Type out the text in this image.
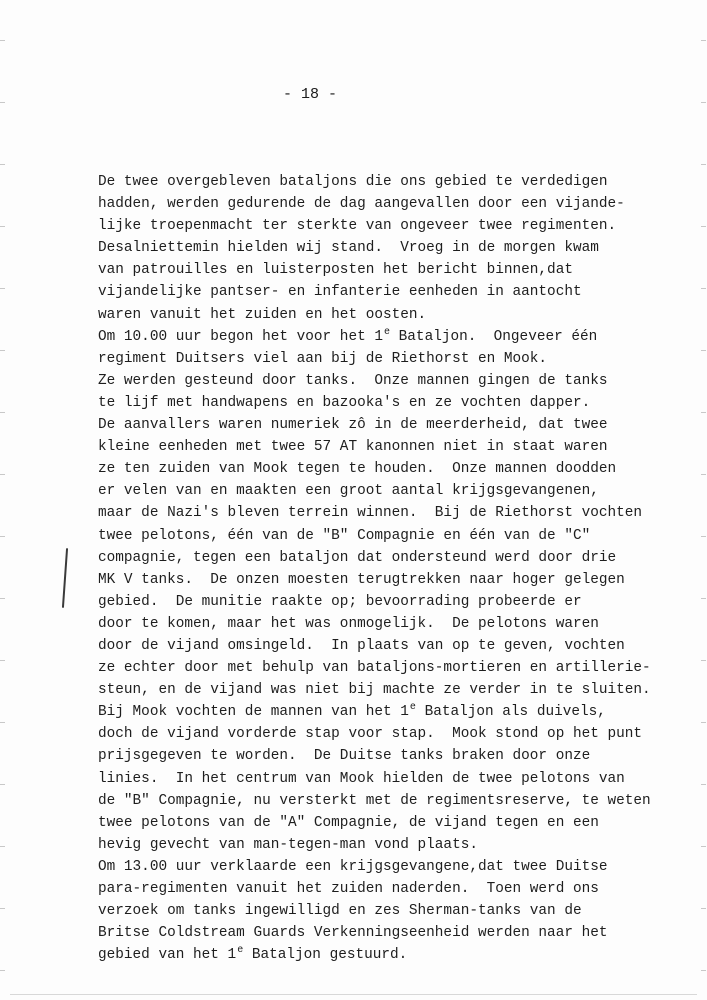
- 18 -
De twee overgebleven bataljons die ons gebied te verdedigen
hadden, werden gedurende de dag aangevallen door een vijande-
lijke troepenmacht ter sterkte van ongeveer twee regimenten.
Desalniettemin hielden wij stand.  Vroeg in de morgen kwam
van patrouilles en luisterposten het bericht binnen,dat
vijandelijke pantser- en infanterie eenheden in aantocht
waren vanuit het zuiden en het oosten.
Om 10.00 uur begon het voor het 1e Bataljon.  Ongeveer één
regiment Duitsers viel aan bij de Riethorst en Mook.
Ze werden gesteund door tanks.  Onze mannen gingen de tanks
te lijf met handwapens en bazooka's en ze vochten dapper.
De aanvallers waren numeriek zô in de meerderheid, dat twee
kleine eenheden met twee 57 AT kanonnen niet in staat waren
ze ten zuiden van Mook tegen te houden.  Onze mannen doodden
er velen van en maakten een groot aantal krijgsgevangenen,
maar de Nazi's bleven terrein winnen.  Bij de Riethorst vochten
twee pelotons, één van de "B" Compagnie en één van de "C"
compagnie, tegen een bataljon dat ondersteund werd door drie
MK V tanks.  De onzen moesten terugtrekken naar hoger gelegen
gebied.  De munitie raakte op; bevoorrading probeerde er
door te komen, maar het was onmogelijk.  De pelotons waren
door de vijand omsingeld.  In plaats van op te geven, vochten
ze echter door met behulp van bataljons-mortieren en artillerie-
steun, en de vijand was niet bij machte ze verder in te sluiten.
Bij Mook vochten de mannen van het 1e Bataljon als duivels,
doch de vijand vorderde stap voor stap.  Mook stond op het punt
prijsgegeven te worden.  De Duitse tanks braken door onze
linies.  In het centrum van Mook hielden de twee pelotons van
de "B" Compagnie, nu versterkt met de regimentsreserve, te weten
twee pelotons van de "A" Compagnie, de vijand tegen en een
hevig gevecht van man-tegen-man vond plaats.
Om 13.00 uur verklaarde een krijgsgevangene,dat twee Duitse
para-regimenten vanuit het zuiden naderden.  Toen werd ons
verzoek om tanks ingewilligd en zes Sherman-tanks van de
Britse Coldstream Guards Verkenningseenheid werden naar het
gebied van het 1e Bataljon gestuurd.
